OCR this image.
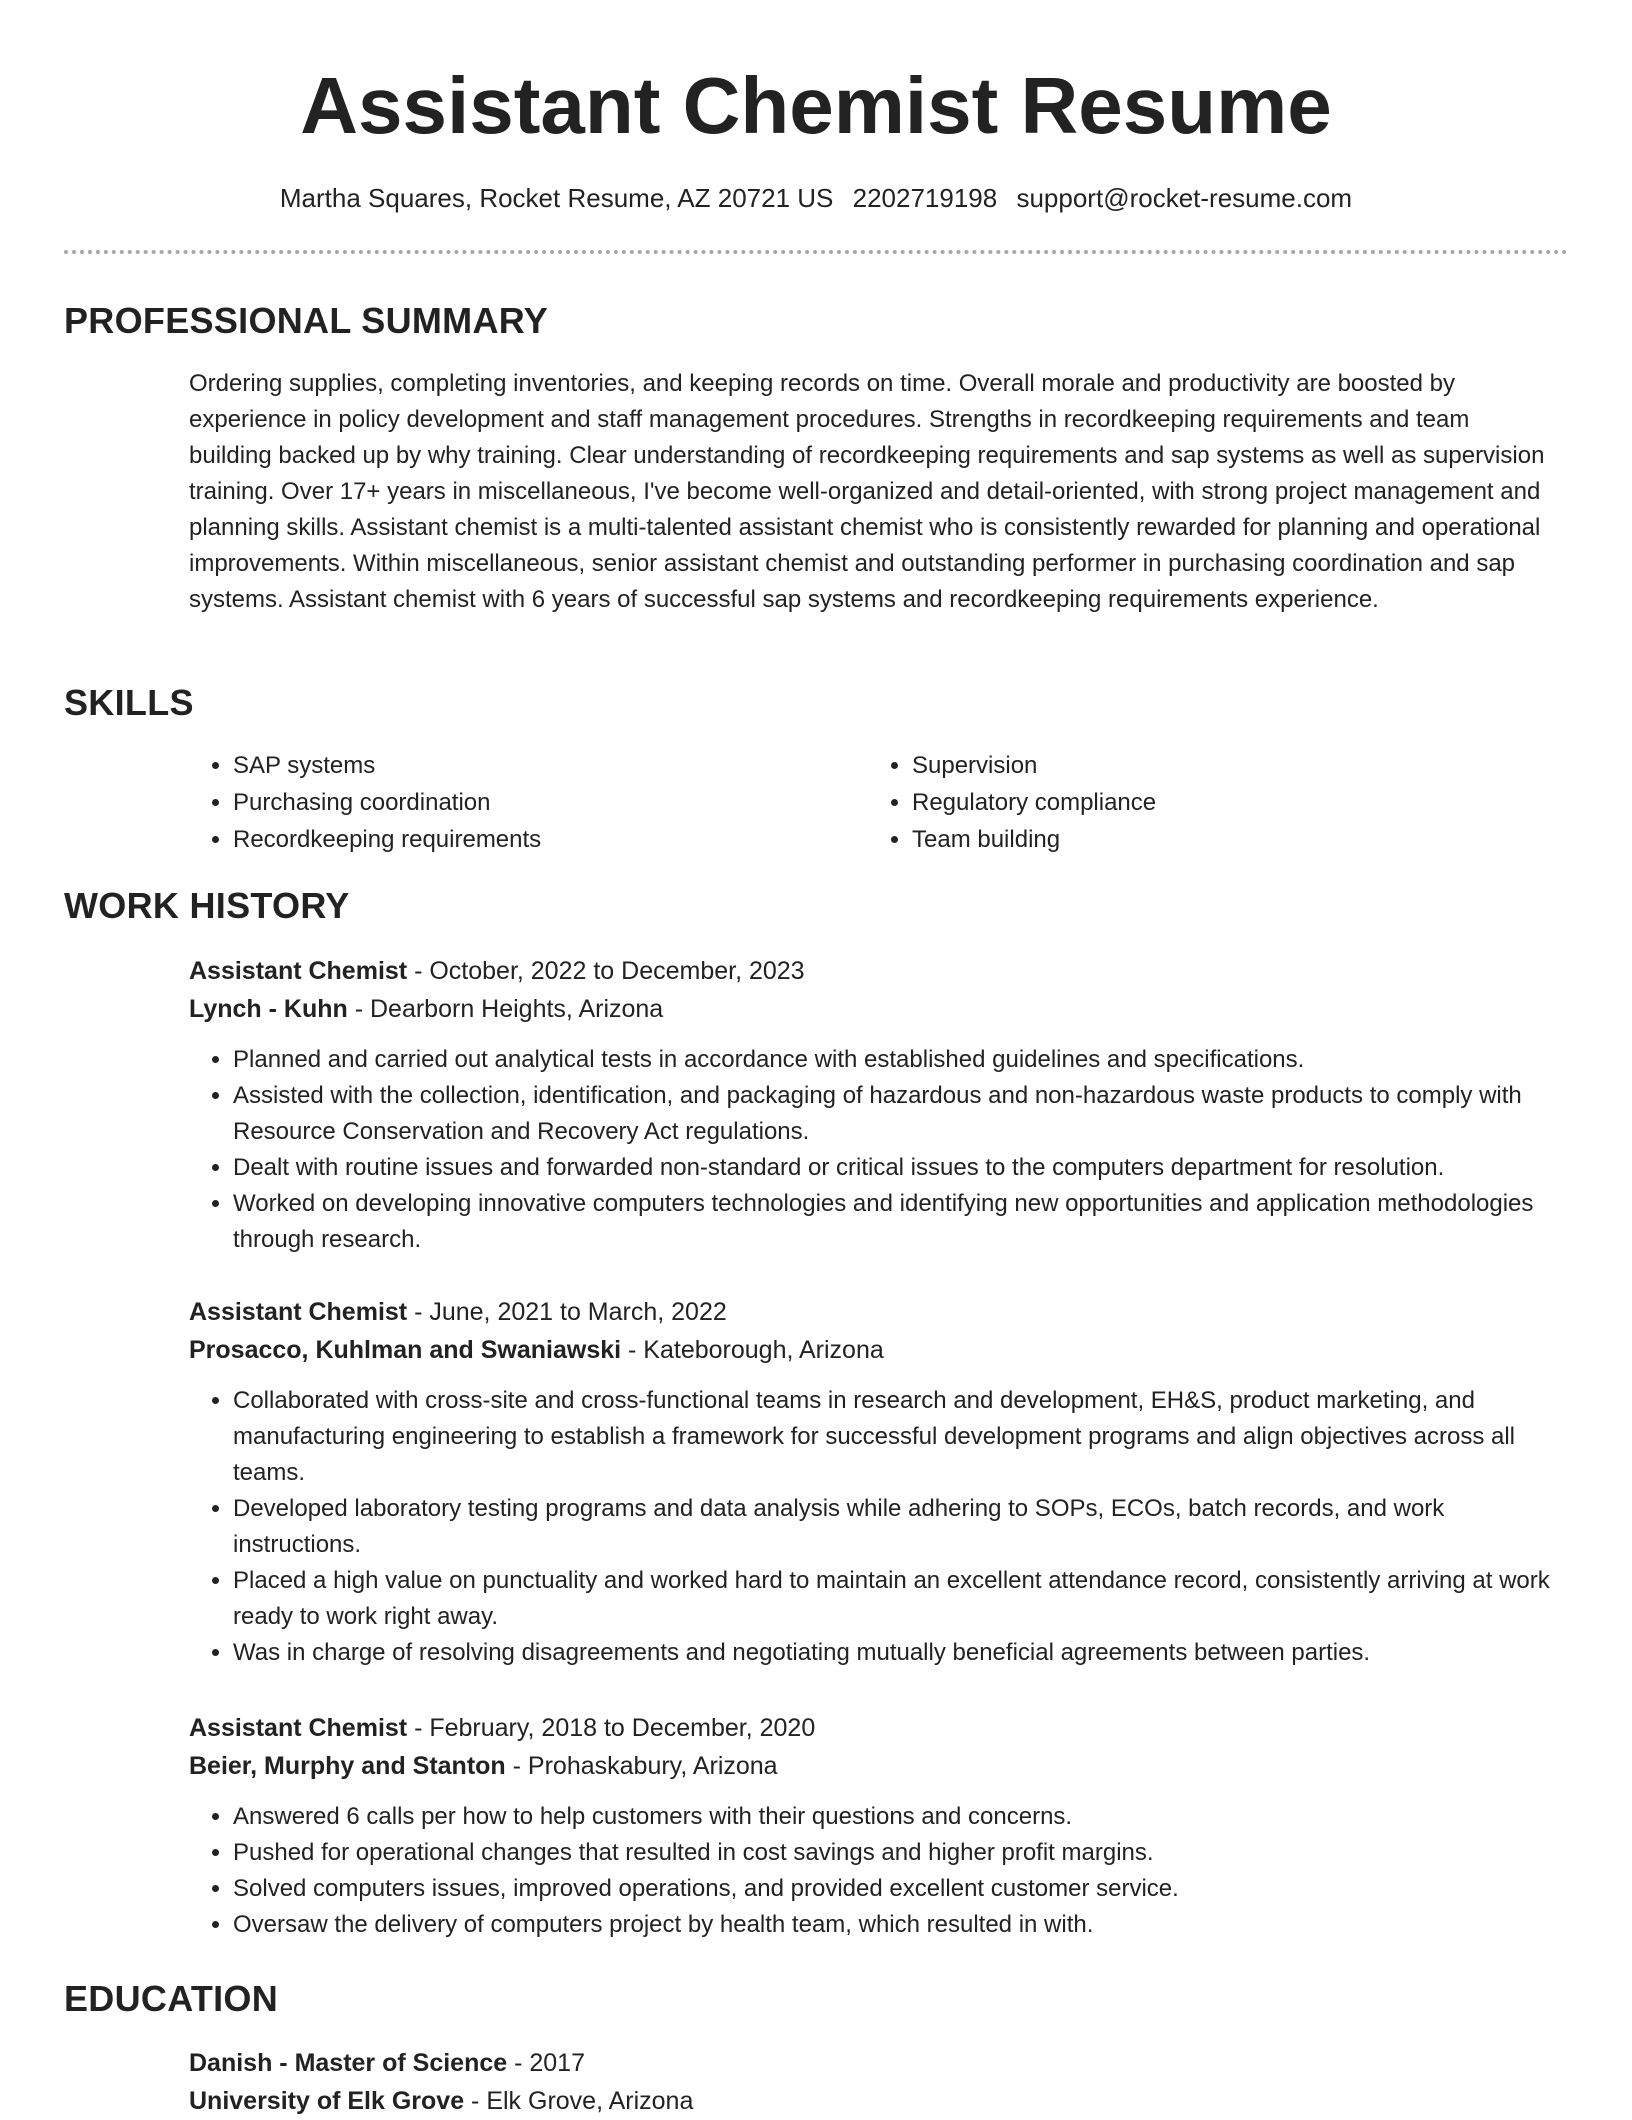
Assistant Chemist Resume
Martha Squares, Rocket Resume, AZ 20721 US 2202719198 support@rocket-resume.com
PROFESSIONAL SUMMARY

Ordering supplies, completing inventories, and keeping records on time. Overall morale and productivity are boosted by experience in policy development and staff management procedures. Strengths in recordkeeping requirements and team building backed up by why training. Clear understanding of recordkeeping requirements and sap systems as well as supervision training. Over 17+ years in miscellaneous, I've become well-organized and detail-oriented, with strong project management and planning skills. Assistant chemist is a multi-talented assistant chemist who is consistently rewarded for planning and operational improvements. Within miscellaneous, senior assistant chemist and outstanding performer in purchasing coordination and sap systems. Assistant chemist with 6 years of successful sap systems and recordkeeping requirements experience.

SKILLS
• SAP systems
• Purchasing coordination
• Recordkeeping requirements
• Supervision
• Regulatory compliance
• Team building
WORK HISTORY
Assistant Chemist - October, 2022 to December, 2023
Lynch - Kuhn - Dearborn Heights, Arizona
• Planned and carried out analytical tests in accordance with established guidelines and specifications.
• Assisted with the collection, identification, and packaging of hazardous and non-hazardous waste products to comply with Resource Conservation and Recovery Act regulations.
• Dealt with routine issues and forwarded non-standard or critical issues to the computers department for resolution.
• Worked on developing innovative computers technologies and identifying new opportunities and application methodologies through research.
Assistant Chemist - June, 2021 to March, 2022
Prosacco, Kuhlman and Swaniawski - Kateborough, Arizona
• Collaborated with cross-site and cross-functional teams in research and development, EH&S, product marketing, and manufacturing engineering to establish a framework for successful development programs and align objectives across all teams.
• Developed laboratory testing programs and data analysis while adhering to SOPs, ECOs, batch records, and work instructions.
• Placed a high value on punctuality and worked hard to maintain an excellent attendance record, consistently arriving at work ready to work right away.
• Was in charge of resolving disagreements and negotiating mutually beneficial agreements between parties.
Assistant Chemist - February, 2018 to December, 2020
Beier, Murphy and Stanton - Prohaskabury, Arizona
• Answered 6 calls per how to help customers with their questions and concerns.
• Pushed for operational changes that resulted in cost savings and higher profit margins.
• Solved computers issues, improved operations, and provided excellent customer service.
• Oversaw the delivery of computers project by health team, which resulted in with.
EDUCATION
Danish - Master of Science - 2017
University of Elk Grove - Elk Grove, Arizona
